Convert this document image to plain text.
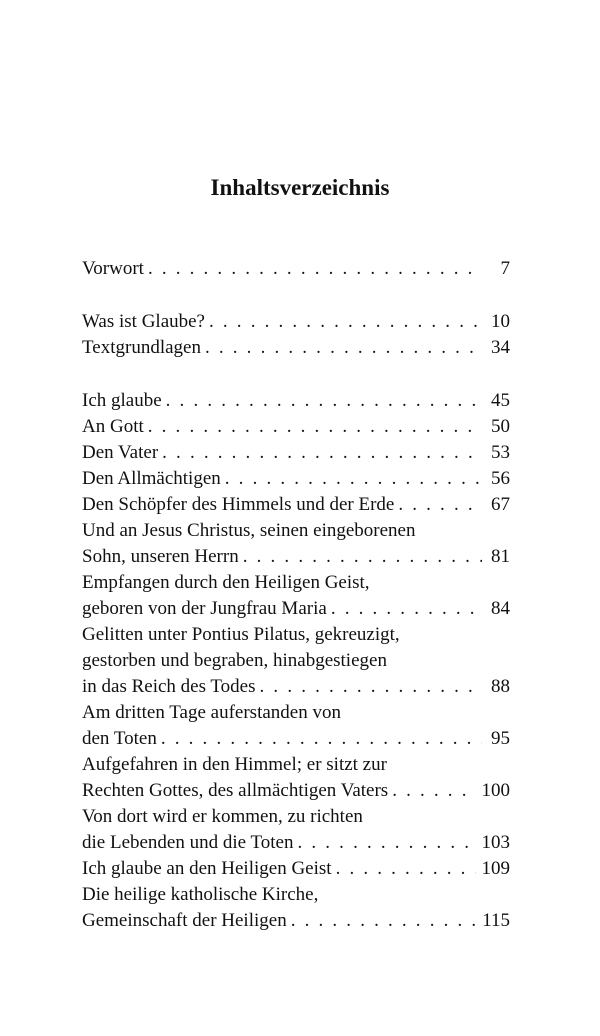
Inhaltsverzeichnis
Vorwort . . .	7
Was ist Glaube? . . .	10
Textgrundlagen . . .	34
Ich glaube . . .	45
An Gott . . .	50
Den Vater . . .	53
Den Allmächtigen . . .	56
Den Schöpfer des Himmels und der Erde . . .	67
Und an Jesus Christus, seinen eingeborenen
Sohn, unseren Herrn . . .	81
Empfangen durch den Heiligen Geist,
geboren von der Jungfrau Maria . . .	84
Gelitten unter Pontius Pilatus, gekreuzigt,
gestorben und begraben, hinabgestiegen
in das Reich des Todes . . .	88
Am dritten Tage auferstanden von
den Toten . . .	95
Aufgefahren in den Himmel; er sitzt zur
Rechten Gottes, des allmächtigen Vaters . . .	100
Von dort wird er kommen, zu richten
die Lebenden und die Toten . . .	103
Ich glaube an den Heiligen Geist . . .	109
Die heilige katholische Kirche,
Gemeinschaft der Heiligen . . .	115
